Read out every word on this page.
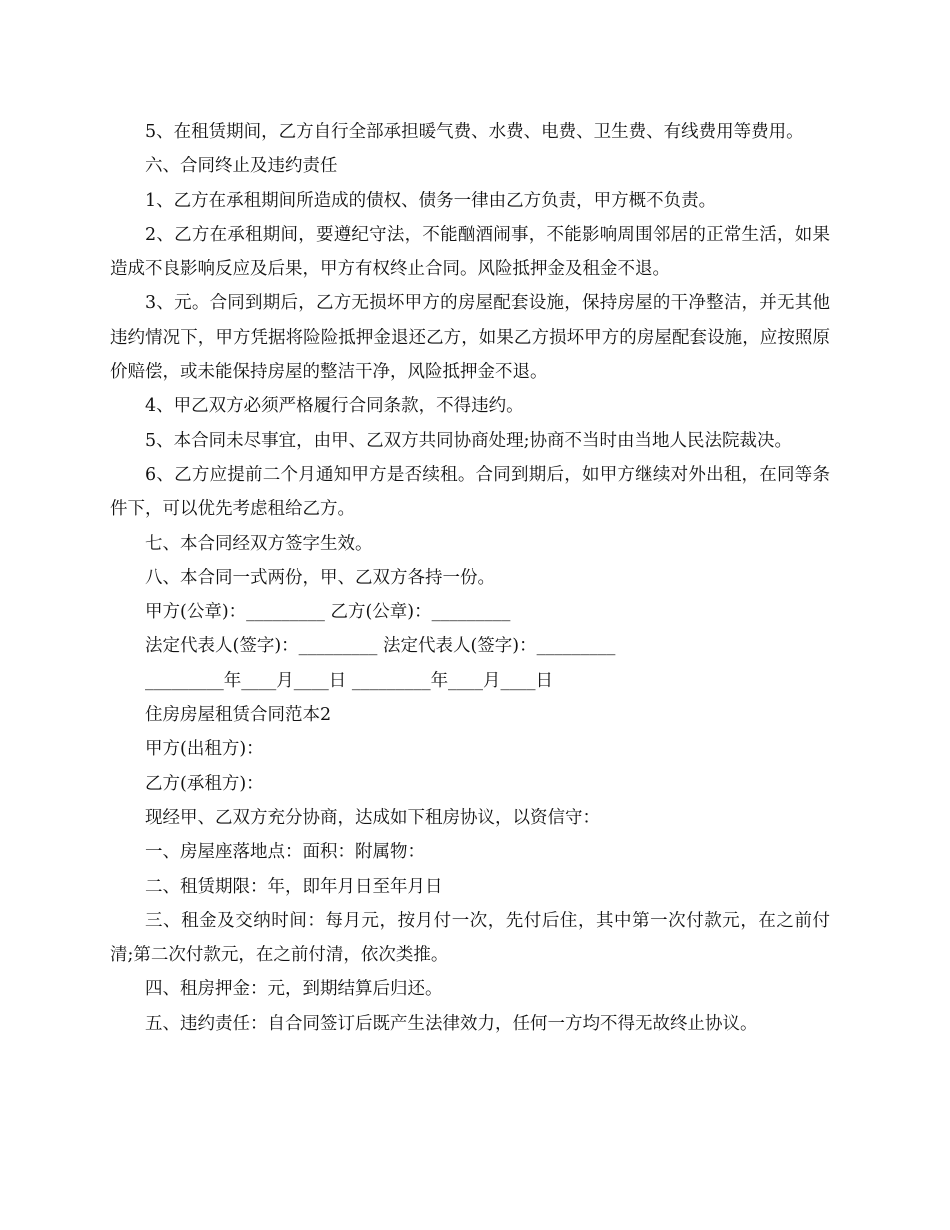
5、在租赁期间，乙方自行全部承担暖气费、水费、电费、卫生费、有线费用等费用。

六、合同终止及违约责任

1、乙方在承租期间所造成的债权、债务一律由乙方负责，甲方概不负责。

2、乙方在承租期间，要遵纪守法，不能酗酒闹事，不能影响周围邻居的正常生活，如果造成不良影响反应及后果，甲方有权终止合同。风险抵押金及租金不退。

3、元。合同到期后，乙方无损坏甲方的房屋配套设施，保持房屋的干净整洁，并无其他违约情况下，甲方凭据将险险抵押金退还乙方，如果乙方损坏甲方的房屋配套设施，应按照原价赔偿，或未能保持房屋的整洁干净，风险抵押金不退。

4、甲乙双方必须严格履行合同条款，不得违约。

5、本合同未尽事宜，由甲、乙双方共同协商处理;协商不当时由当地人民法院裁决。

6、乙方应提前二个月通知甲方是否续租。合同到期后，如甲方继续对外出租，在同等条件下，可以优先考虑租给乙方。

七、本合同经双方签字生效。

八、本合同一式两份，甲、乙双方各持一份。

甲方(公章)：_________ 乙方(公章)：_________

法定代表人(签字)：_________ 法定代表人(签字)：_________

_________年____月____日 _________年____月____日

住房房屋租赁合同范本2

甲方(出租方)：

乙方(承租方)：

现经甲、乙双方充分协商，达成如下租房协议，以资信守：

一、房屋座落地点：面积：附属物：

二、租赁期限：年，即年月日至年月日

三、租金及交纳时间：每月元，按月付一次，先付后住，其中第一次付款元，在之前付清;第二次付款元，在之前付清，依次类推。

四、租房押金：元，到期结算后归还。

五、违约责任：自合同签订后既产生法律效力，任何一方均不得无故终止协议。
